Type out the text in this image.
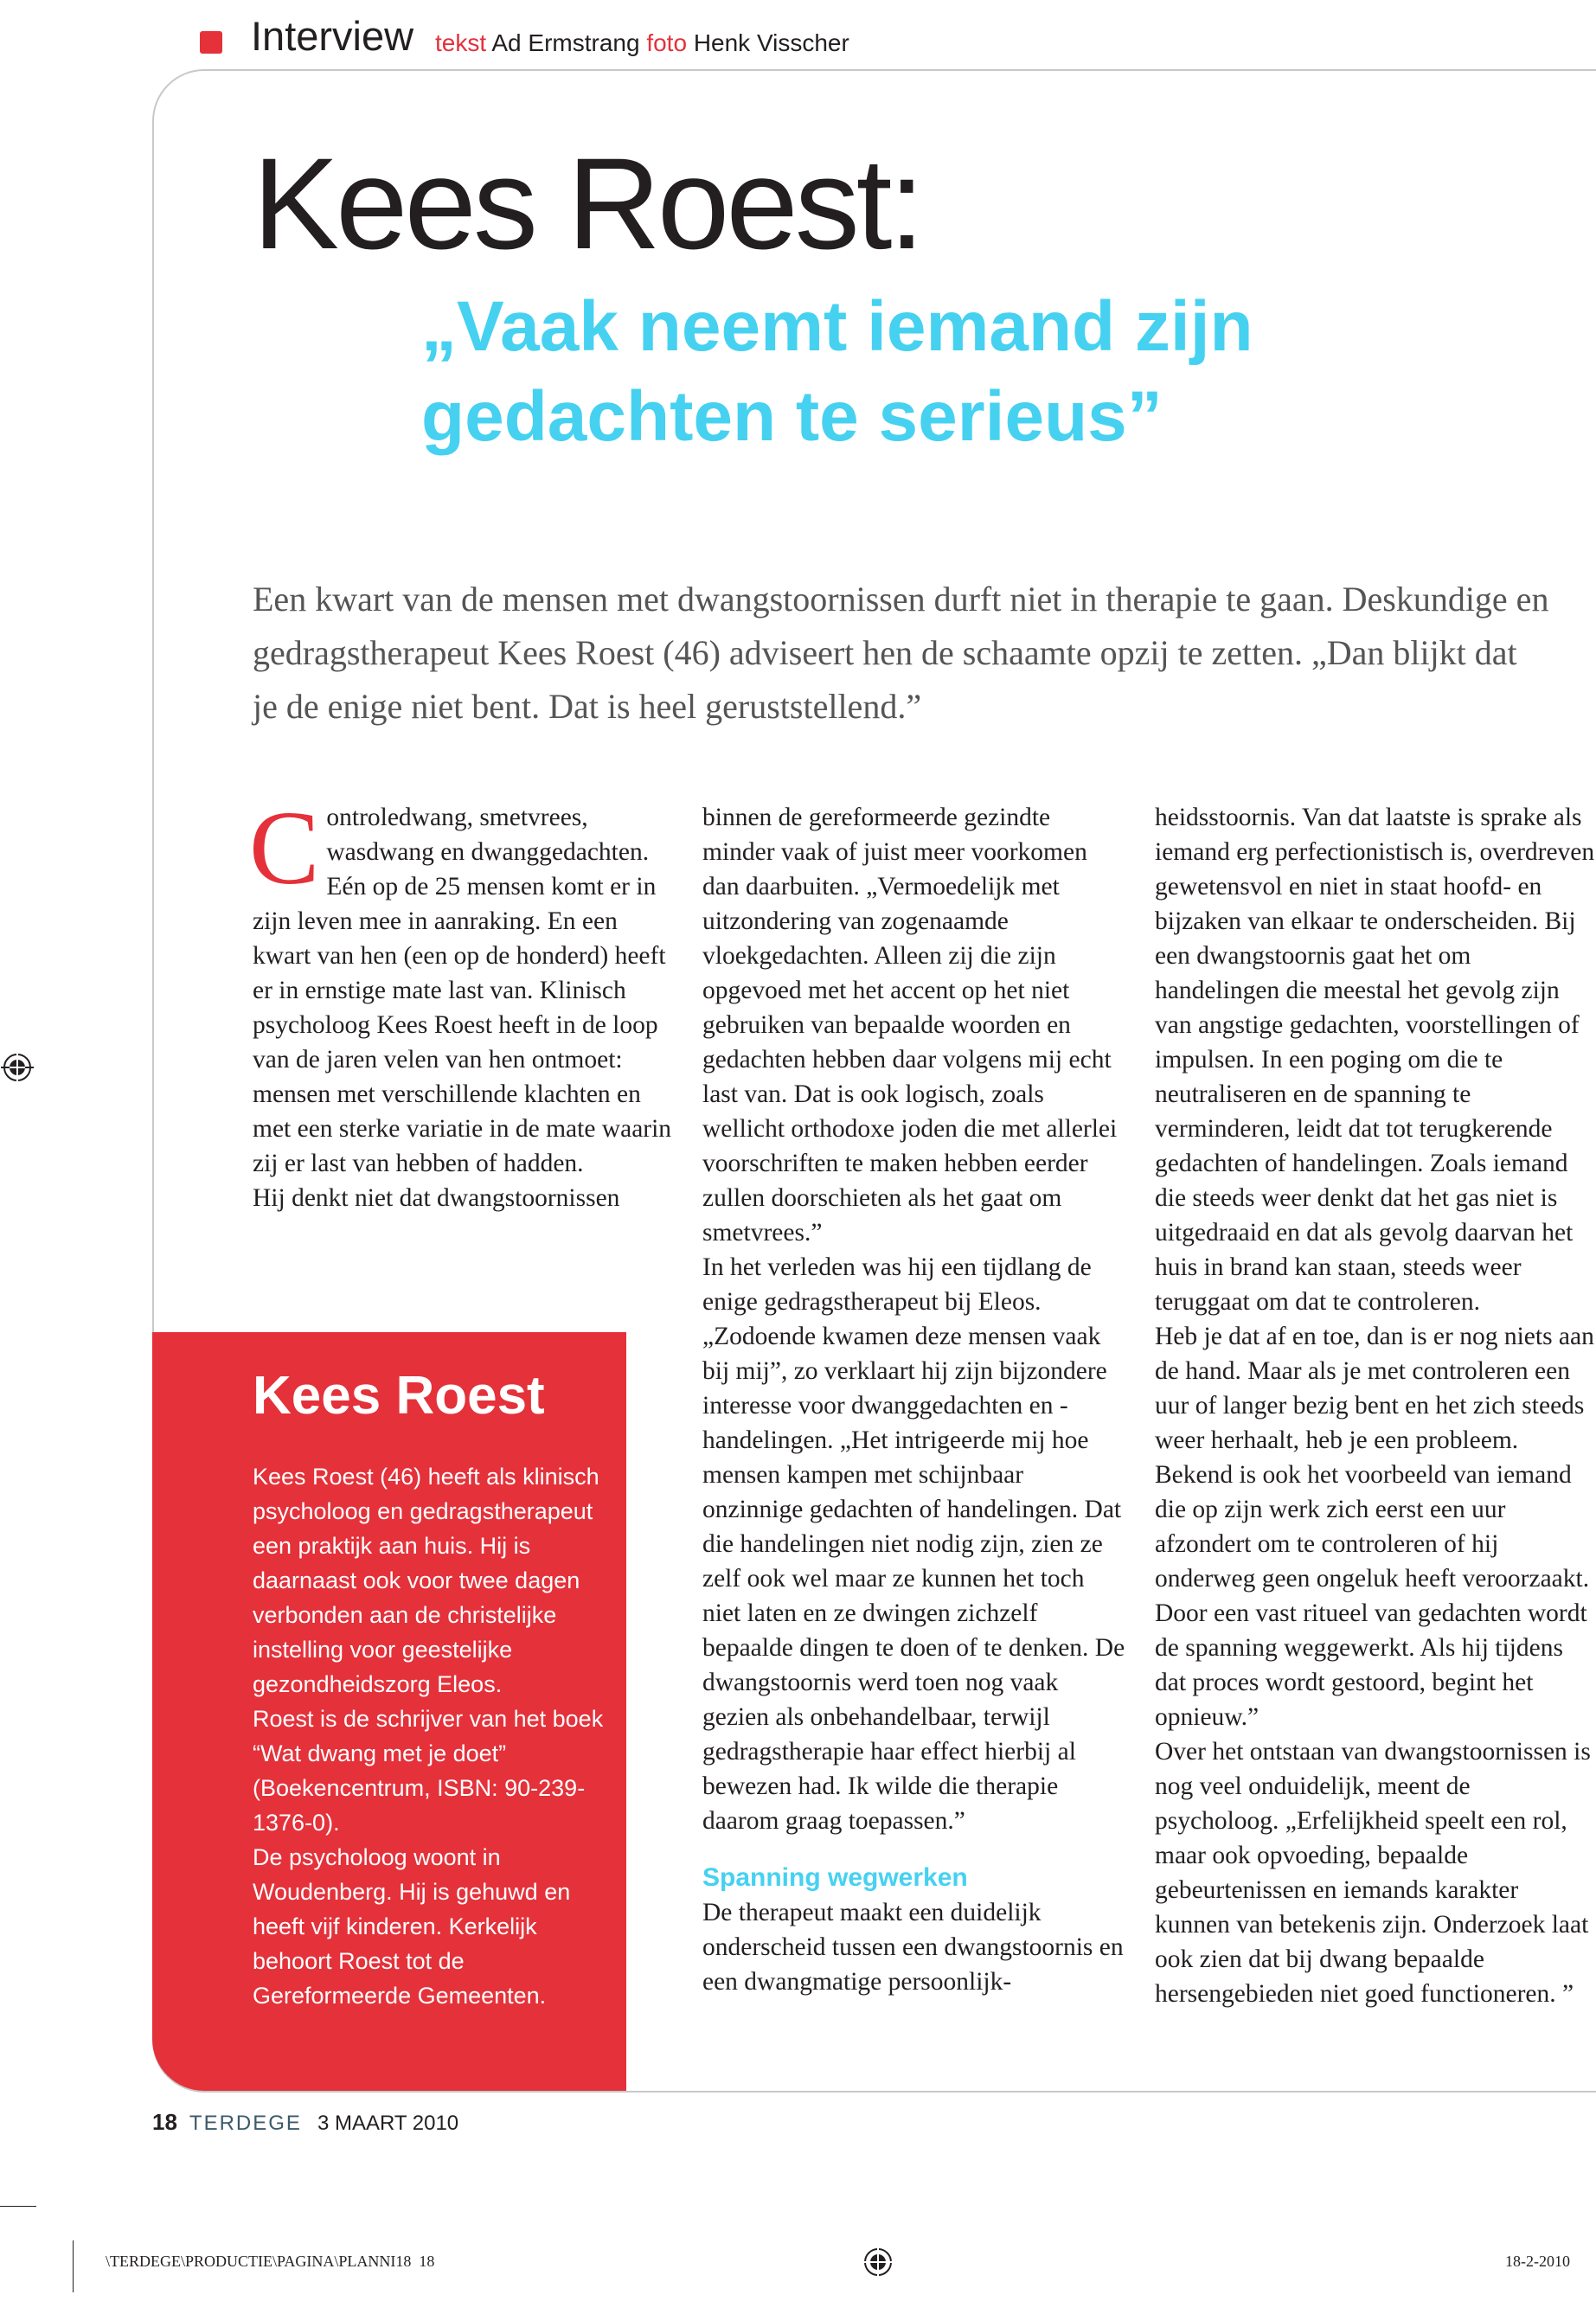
Interview tekst Ad Ermstrang foto Henk Visscher
Kees Roest:
„Vaak neemt iemand zijn gedachten te serieus”
Een kwart van de mensen met dwangstoornissen durft niet in therapie te gaan. Deskundige en gedragstherapeut Kees Roest (46) adviseert hen de schaamte opzij te zetten. „Dan blijkt dat je de enige niet bent. Dat is heel geruststellend.”
Controledwang, smetvrees, wasdwang en dwanggedachten. Eén op de 25 mensen komt er in zijn leven mee in aanraking. En een kwart van hen (een op de honderd) heeft er in ernstige mate last van. Klinisch psycholoog Kees Roest heeft in de loop van de jaren velen van hen ontmoet: mensen met verschillende klachten en met een sterke variatie in de mate waarin zij er last van hebben of hadden.
Hij denkt niet dat dwangstoornissen
binnen de gereformeerde gezindte minder vaak of juist meer voorkomen dan daarbuiten. „Vermoedelijk met uitzondering van zogenaamde vloekgedachten. Alleen zij die zijn opgevoed met het accent op het niet gebruiken van bepaalde woorden en gedachten hebben daar volgens mij echt last van. Dat is ook logisch, zoals wellicht orthodoxe joden die met allerlei voorschriften te maken hebben eerder zullen doorschieten als het gaat om smetvrees.”
In het verleden was hij een tijdlang de enige gedragstherapeut bij Eleos. „Zodoende kwamen deze mensen vaak bij mij”, zo verklaart hij zijn bijzondere interesse voor dwanggedachten en -handelingen. „Het intrigeerde mij hoe mensen kampen met schijnbaar onzinnige gedachten of handelingen. Dat die handelingen niet nodig zijn, zien ze zelf ook wel maar ze kunnen het toch niet laten en ze dwingen zichzelf bepaalde dingen te doen of te denken. De dwangstoornis werd toen nog vaak gezien als onbehandelbaar, terwijl gedragstherapie haar effect hierbij al bewezen had. Ik wilde die therapie daarom graag toepassen.”
Spanning wegwerken
De therapeut maakt een duidelijk onderscheid tussen een dwangstoornis en een dwangmatige persoonlijk-
heidsstoornis. Van dat laatste is sprake als iemand erg perfectionistisch is, overdreven gewetensvol en niet in staat hoofd- en bijzaken van elkaar te onderscheiden. Bij een dwangstoornis gaat het om handelingen die meestal het gevolg zijn van angstige gedachten, voorstellingen of impulsen. In een poging om die te neutraliseren en de spanning te verminderen, leidt dat tot terugkerende gedachten of handelingen. Zoals iemand die steeds weer denkt dat het gas niet is uitgedraaid en dat als gevolg daarvan het huis in brand kan staan, steeds weer teruggaat om dat te controleren.
Heb je dat af en toe, dan is er nog niets aan de hand. Maar als je met controleren een uur of langer bezig bent en het zich steeds weer herhaalt, heb je een probleem. Bekend is ook het voorbeeld van iemand die op zijn werk zich eerst een uur afzondert om te controleren of hij onderweg geen ongeluk heeft veroorzaakt. Door een vast ritueel van gedachten wordt de spanning weggewerkt. Als hij tijdens dat proces wordt gestoord, begint het opnieuw.”
Over het ontstaan van dwangstoornissen is nog veel onduidelijk, meent de psycholoog. „Erfelijkheid speelt een rol, maar ook opvoeding, bepaalde gebeurtenissen en iemands karakter kunnen van betekenis zijn. Onderzoek laat ook zien dat bij dwang bepaalde hersengebieden niet goed functioneren. ”
Kees Roest
Kees Roest (46) heeft als klinisch psycholoog en gedragstherapeut een praktijk aan huis. Hij is daarnaast ook voor twee dagen verbonden aan de christelijke instelling voor geestelijke gezondheidszorg Eleos.
Roest is de schrijver van het boek “Wat dwang met je doet” (Boekencentrum, ISBN: 90-239-1376-0).
De psycholoog woont in Woudenberg. Hij is gehuwd en heeft vijf kinderen. Kerkelijk behoort Roest tot de Gereformeerde Gemeenten.
18 TERDEGE 3 MAART 2010
\TERDEGE\PRODUCTIE\PAGINA\PLANNI18 18	18-2-2010
